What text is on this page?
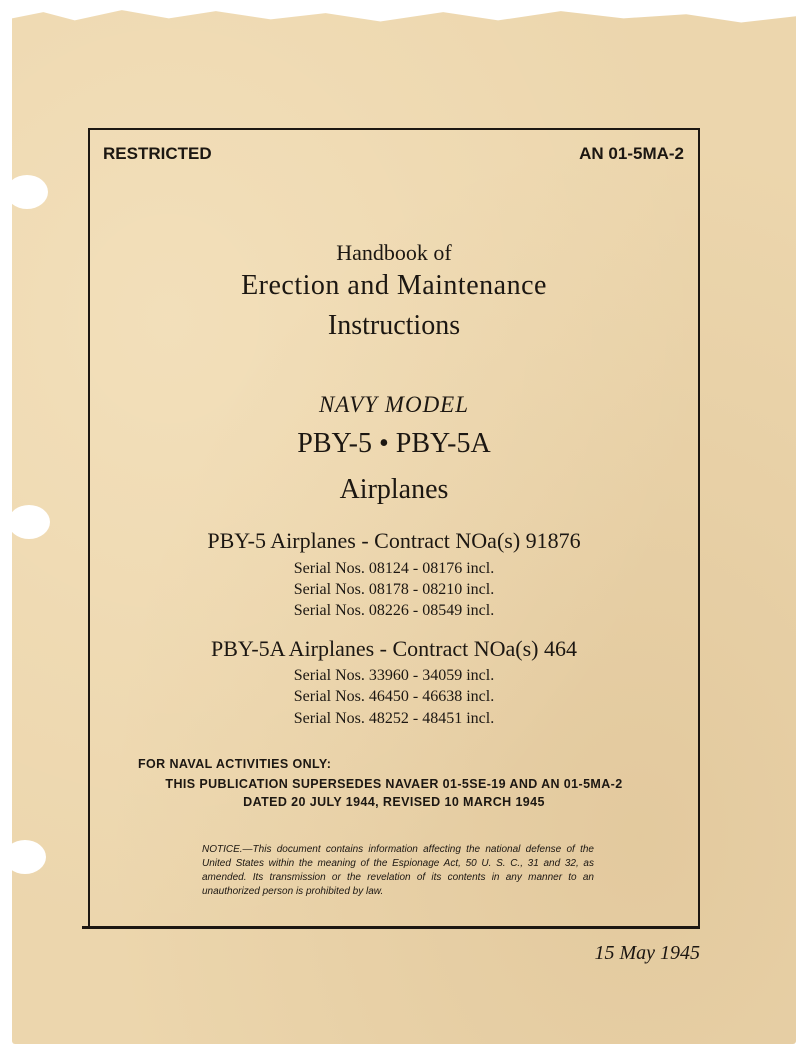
RESTRICTED	AN 01-5MA-2
Handbook of
Erection and Maintenance
Instructions
NAVY MODEL
PBY-5 • PBY-5A
Airplanes
PBY-5 Airplanes - Contract NOa(s) 91876
Serial Nos. 08124 - 08176 incl.
Serial Nos. 08178 - 08210 incl.
Serial Nos. 08226 - 08549 incl.
PBY-5A Airplanes - Contract NOa(s) 464
Serial Nos. 33960 - 34059 incl.
Serial Nos. 46450 - 46638 incl.
Serial Nos. 48252 - 48451 incl.
FOR NAVAL ACTIVITIES ONLY:
THIS PUBLICATION SUPERSEDES NAVAER 01-5SE-19 AND AN 01-5MA-2
DATED 20 JULY 1944, REVISED 10 MARCH 1945
NOTICE.—This document contains information affecting the national defense of the United States within the meaning of the Espionage Act, 50 U. S. C., 31 and 32, as amended. Its transmission or the revelation of its contents in any manner to an unauthorized person is prohibited by law.
15 May 1945
